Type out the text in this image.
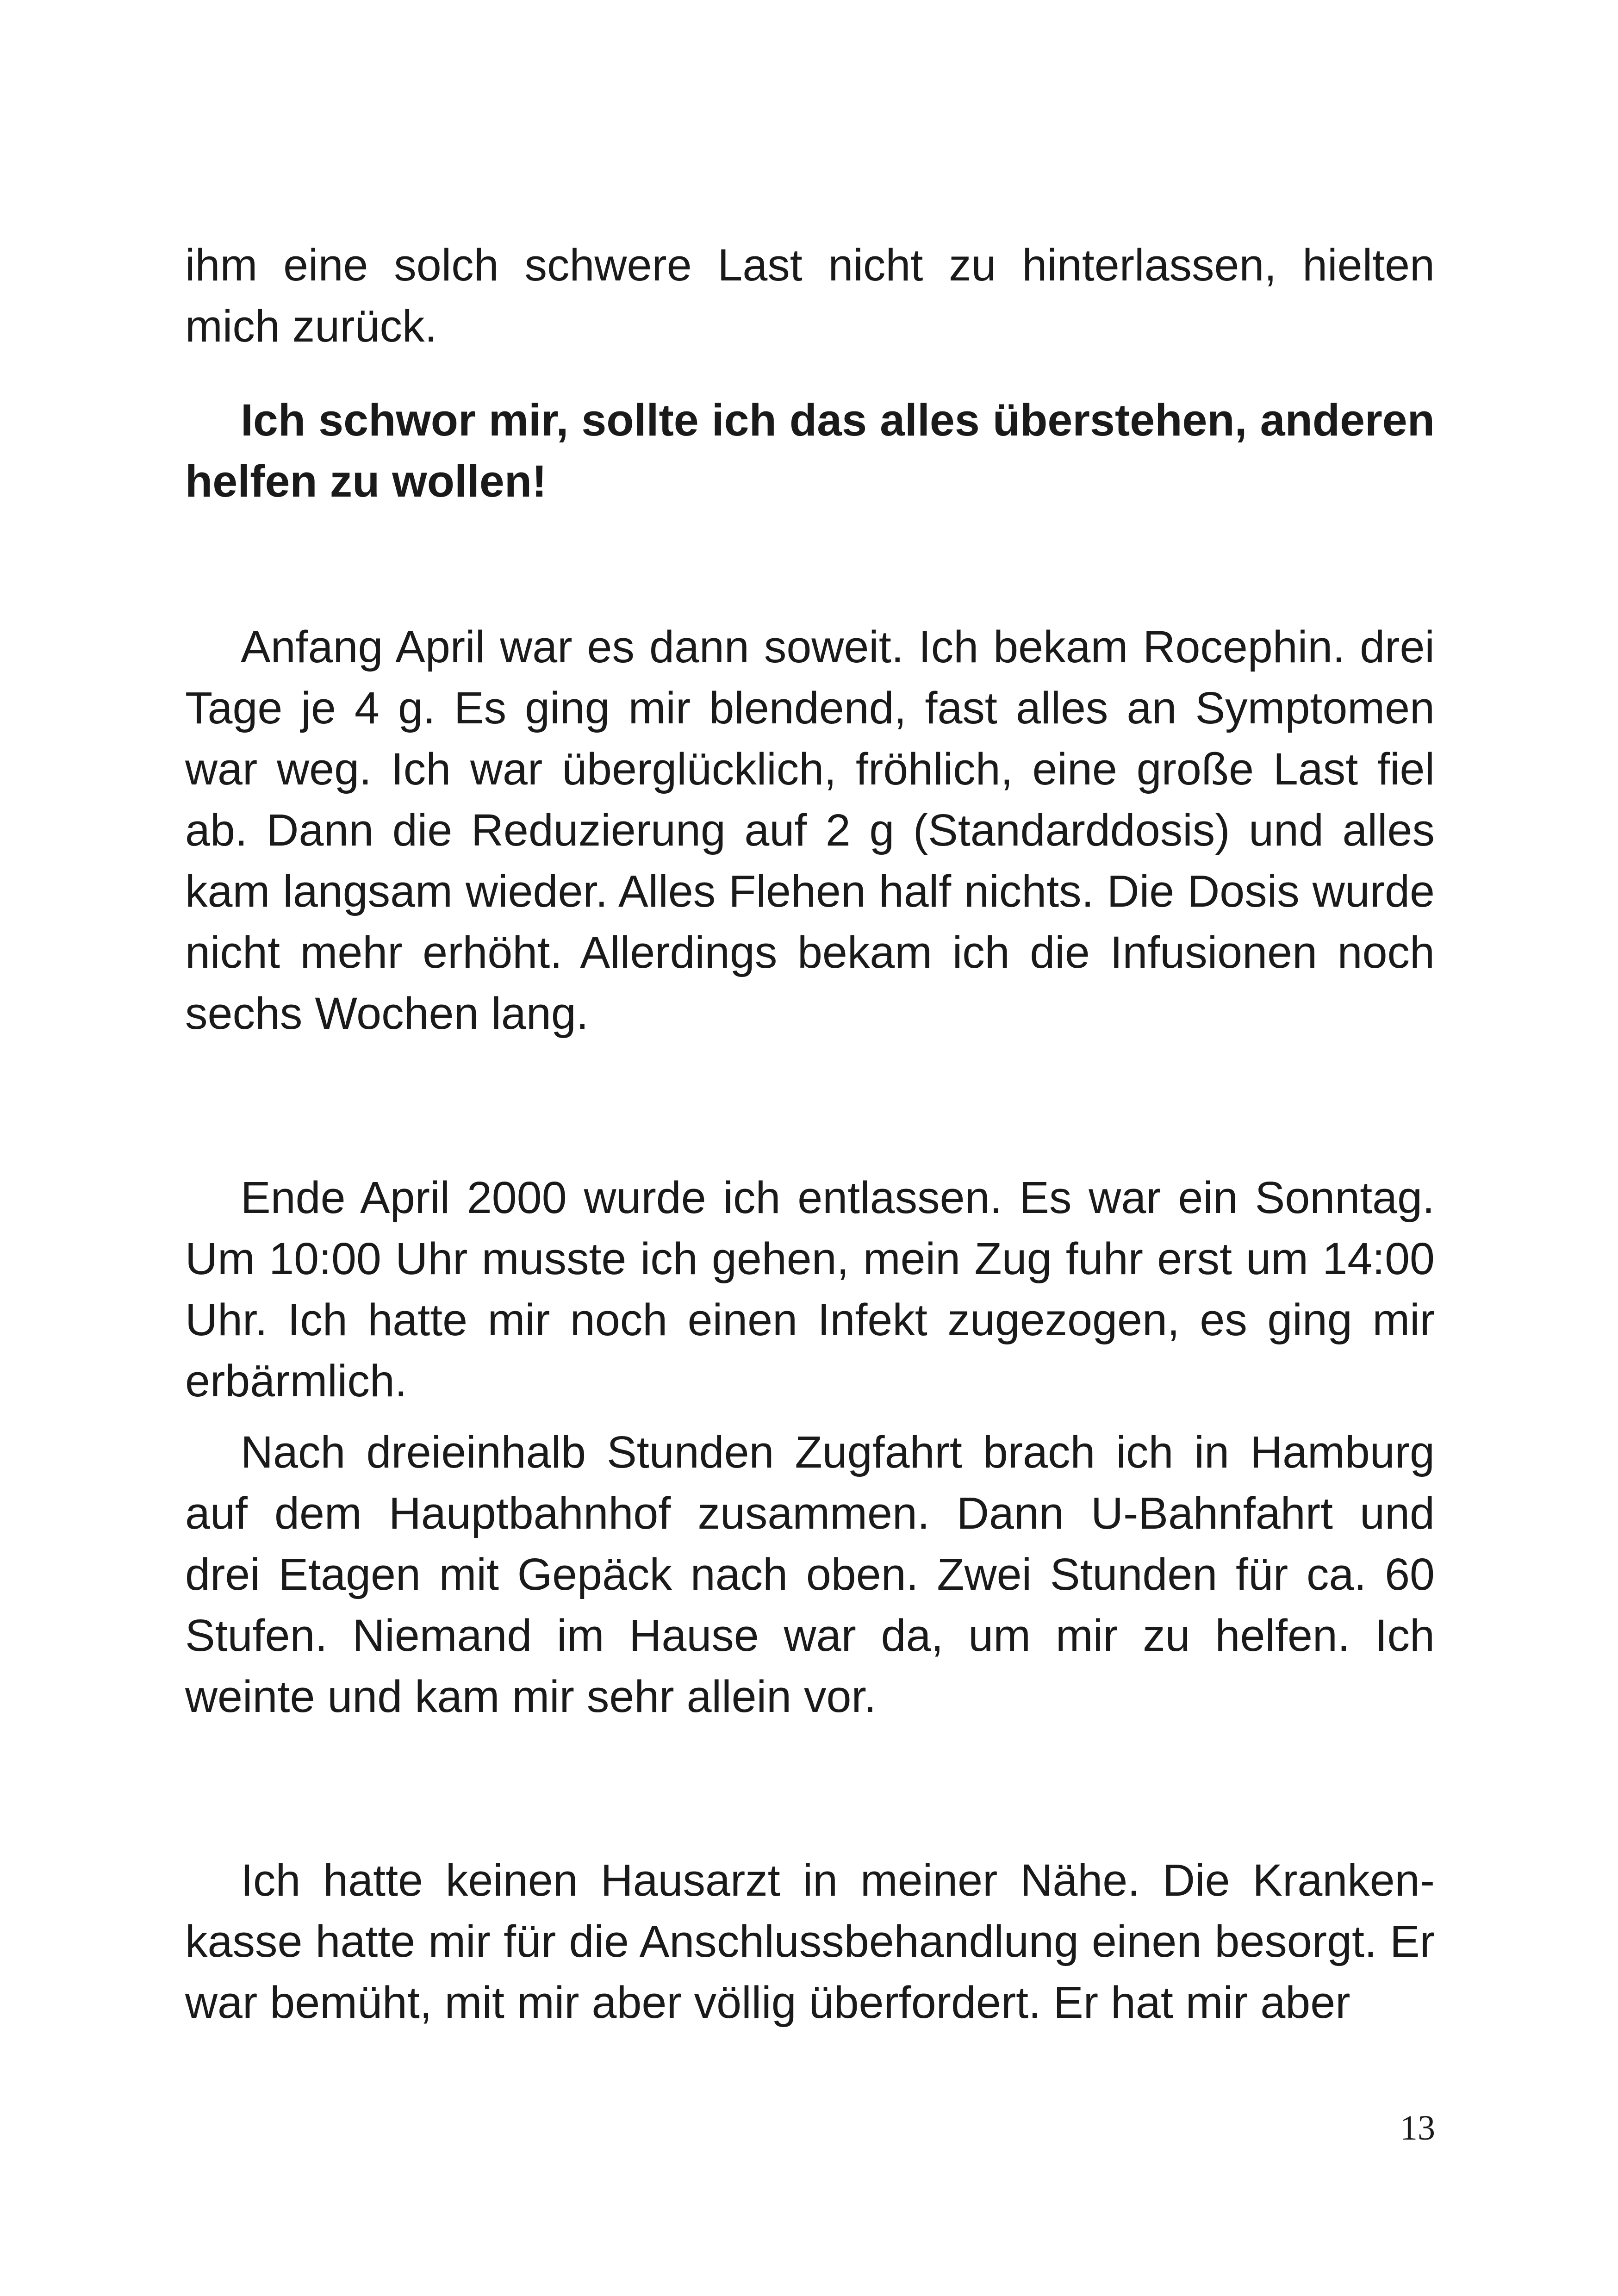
ihm eine solch schwere Last nicht zu hinterlassen, hielten mich zurück.

Ich schwor mir, sollte ich das alles überstehen, anderen helfen zu wollen!

Anfang April war es dann soweit. Ich bekam Rocephin. drei Tage je 4 g. Es ging mir blendend, fast alles an Symptomen war weg. Ich war überglücklich, fröhlich, eine große Last fiel ab. Dann die Reduzierung auf 2 g (Standarddosis) und alles kam langsam wieder. Alles Flehen half nichts. Die Dosis wurde nicht mehr erhöht. Allerdings bekam ich die Infusionen noch sechs Wochen lang.

Ende April 2000 wurde ich entlassen. Es war ein Sonntag. Um 10:00 Uhr musste ich gehen, mein Zug fuhr erst um 14:00 Uhr. Ich hatte mir noch einen Infekt zugezogen, es ging mir erbärmlich.

Nach dreieinhalb Stunden Zugfahrt brach ich in Hamburg auf dem Hauptbahnhof zusammen. Dann U-Bahnfahrt und drei Etagen mit Gepäck nach oben. Zwei Stunden für ca. 60 Stufen. Niemand im Hause war da, um mir zu helfen. Ich weinte und kam mir sehr allein vor.

Ich hatte keinen Hausarzt in meiner Nähe. Die Kranken-kasse hatte mir für die Anschlussbehandlung einen besorgt. Er war bemüht, mit mir aber völlig überfordert. Er hat mir aber

13
